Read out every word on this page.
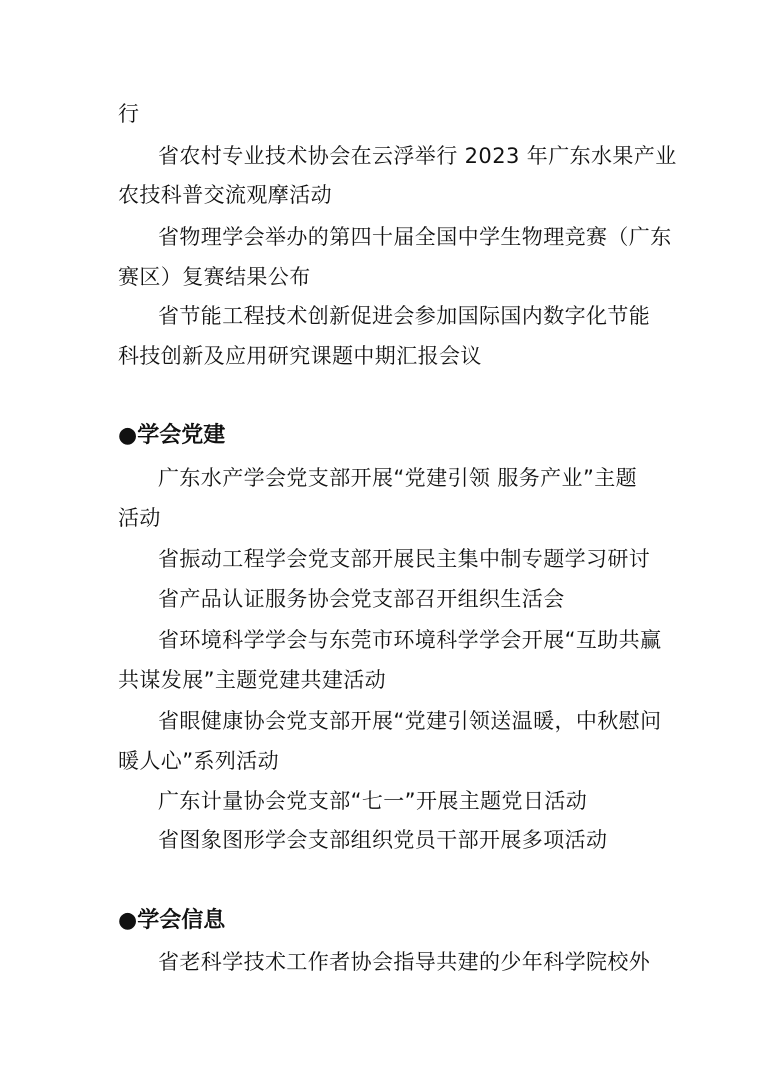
行

省农村专业技术协会在云浮举行 2023 年广东水果产业

农技科普交流观摩活动

省物理学会举办的第四十届全国中学生物理竞赛（广东

赛区）复赛结果公布

省节能工程技术创新促进会参加国际国内数字化节能

科技创新及应用研究课题中期汇报会议

●学会党建

广东水产学会党支部开展“党建引领 服务产业”主题

活动

省振动工程学会党支部开展民主集中制专题学习研讨

省产品认证服务协会党支部召开组织生活会

省环境科学学会与东莞市环境科学学会开展“互助共赢

共谋发展”主题党建共建活动

省眼健康协会党支部开展“党建引领送温暖，中秋慰问

暖人心”系列活动

广东计量协会党支部“七一”开展主题党日活动

省图象图形学会支部组织党员干部开展多项活动

●学会信息

省老科学技术工作者协会指导共建的少年科学院校外
